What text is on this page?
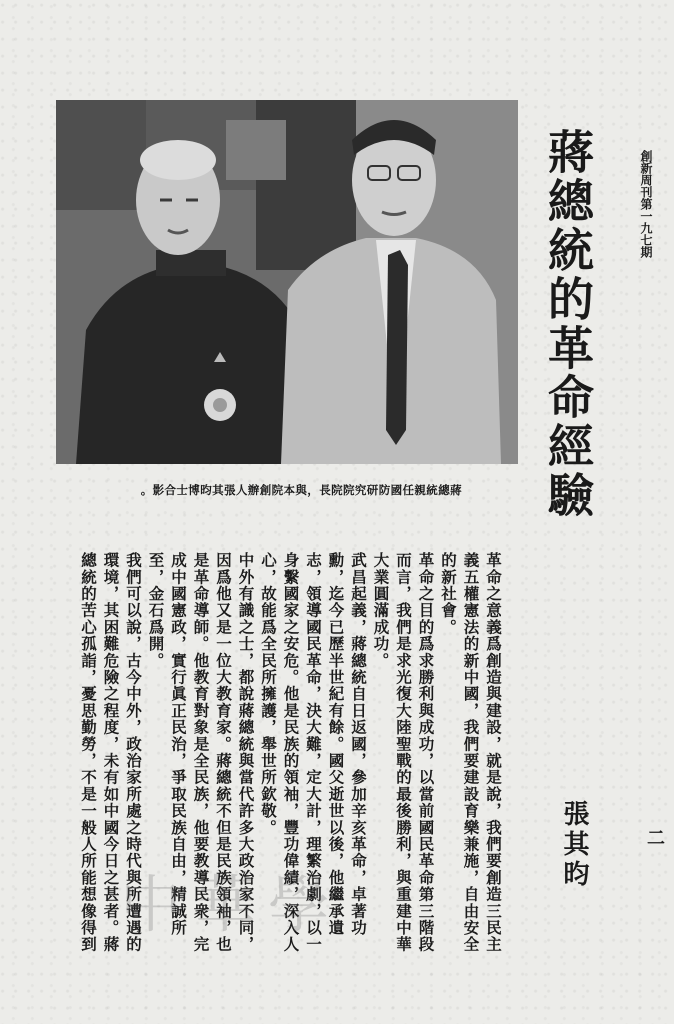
創新周刊第一九七期
蔣總統的革命經驗
蔣總統親任國防研究院院長，與本院創辦人張其昀博士合影。
張其昀	二

革命之意義爲創造與建設，就是說，我們要創造三民主義五權憲法的新中國，我們要建設育樂兼施，自由安全的新社會。

革命之目的爲求勝利與成功，以當前國民革命第三階段而言，我們是求光復大陸聖戰的最後勝利，與重建中華大業圓滿成功。

武昌起義，蔣總統自日返國，參加辛亥革命，卓著功勳，迄今已歷半世紀有餘。國父逝世以後，他繼承遺志，領導國民革命，決大難，定大計，理繁治劇，以一身繫國家之安危。他是民族的領袖，豐功偉績，深入人心，故能爲全民所擁護，舉世所欽敬。

中外有識之士，都說蔣總統與當代許多大政治家不同，因爲他又是一位大教育家。蔣總統不但是民族領袖，也是革命導師。他教育對象是全民族，他要教導民衆，完成中國憲政，實行眞正民治，爭取民族自由，精誠所至，金石爲開。

我們可以說，古今中外，政治家所處之時代與所遭遇的環境，其困難危險之程度，未有如中國今日之甚者。蔣總統的苦心孤詣，憂思勤勞，不是一般人所能想像得到 中華學
